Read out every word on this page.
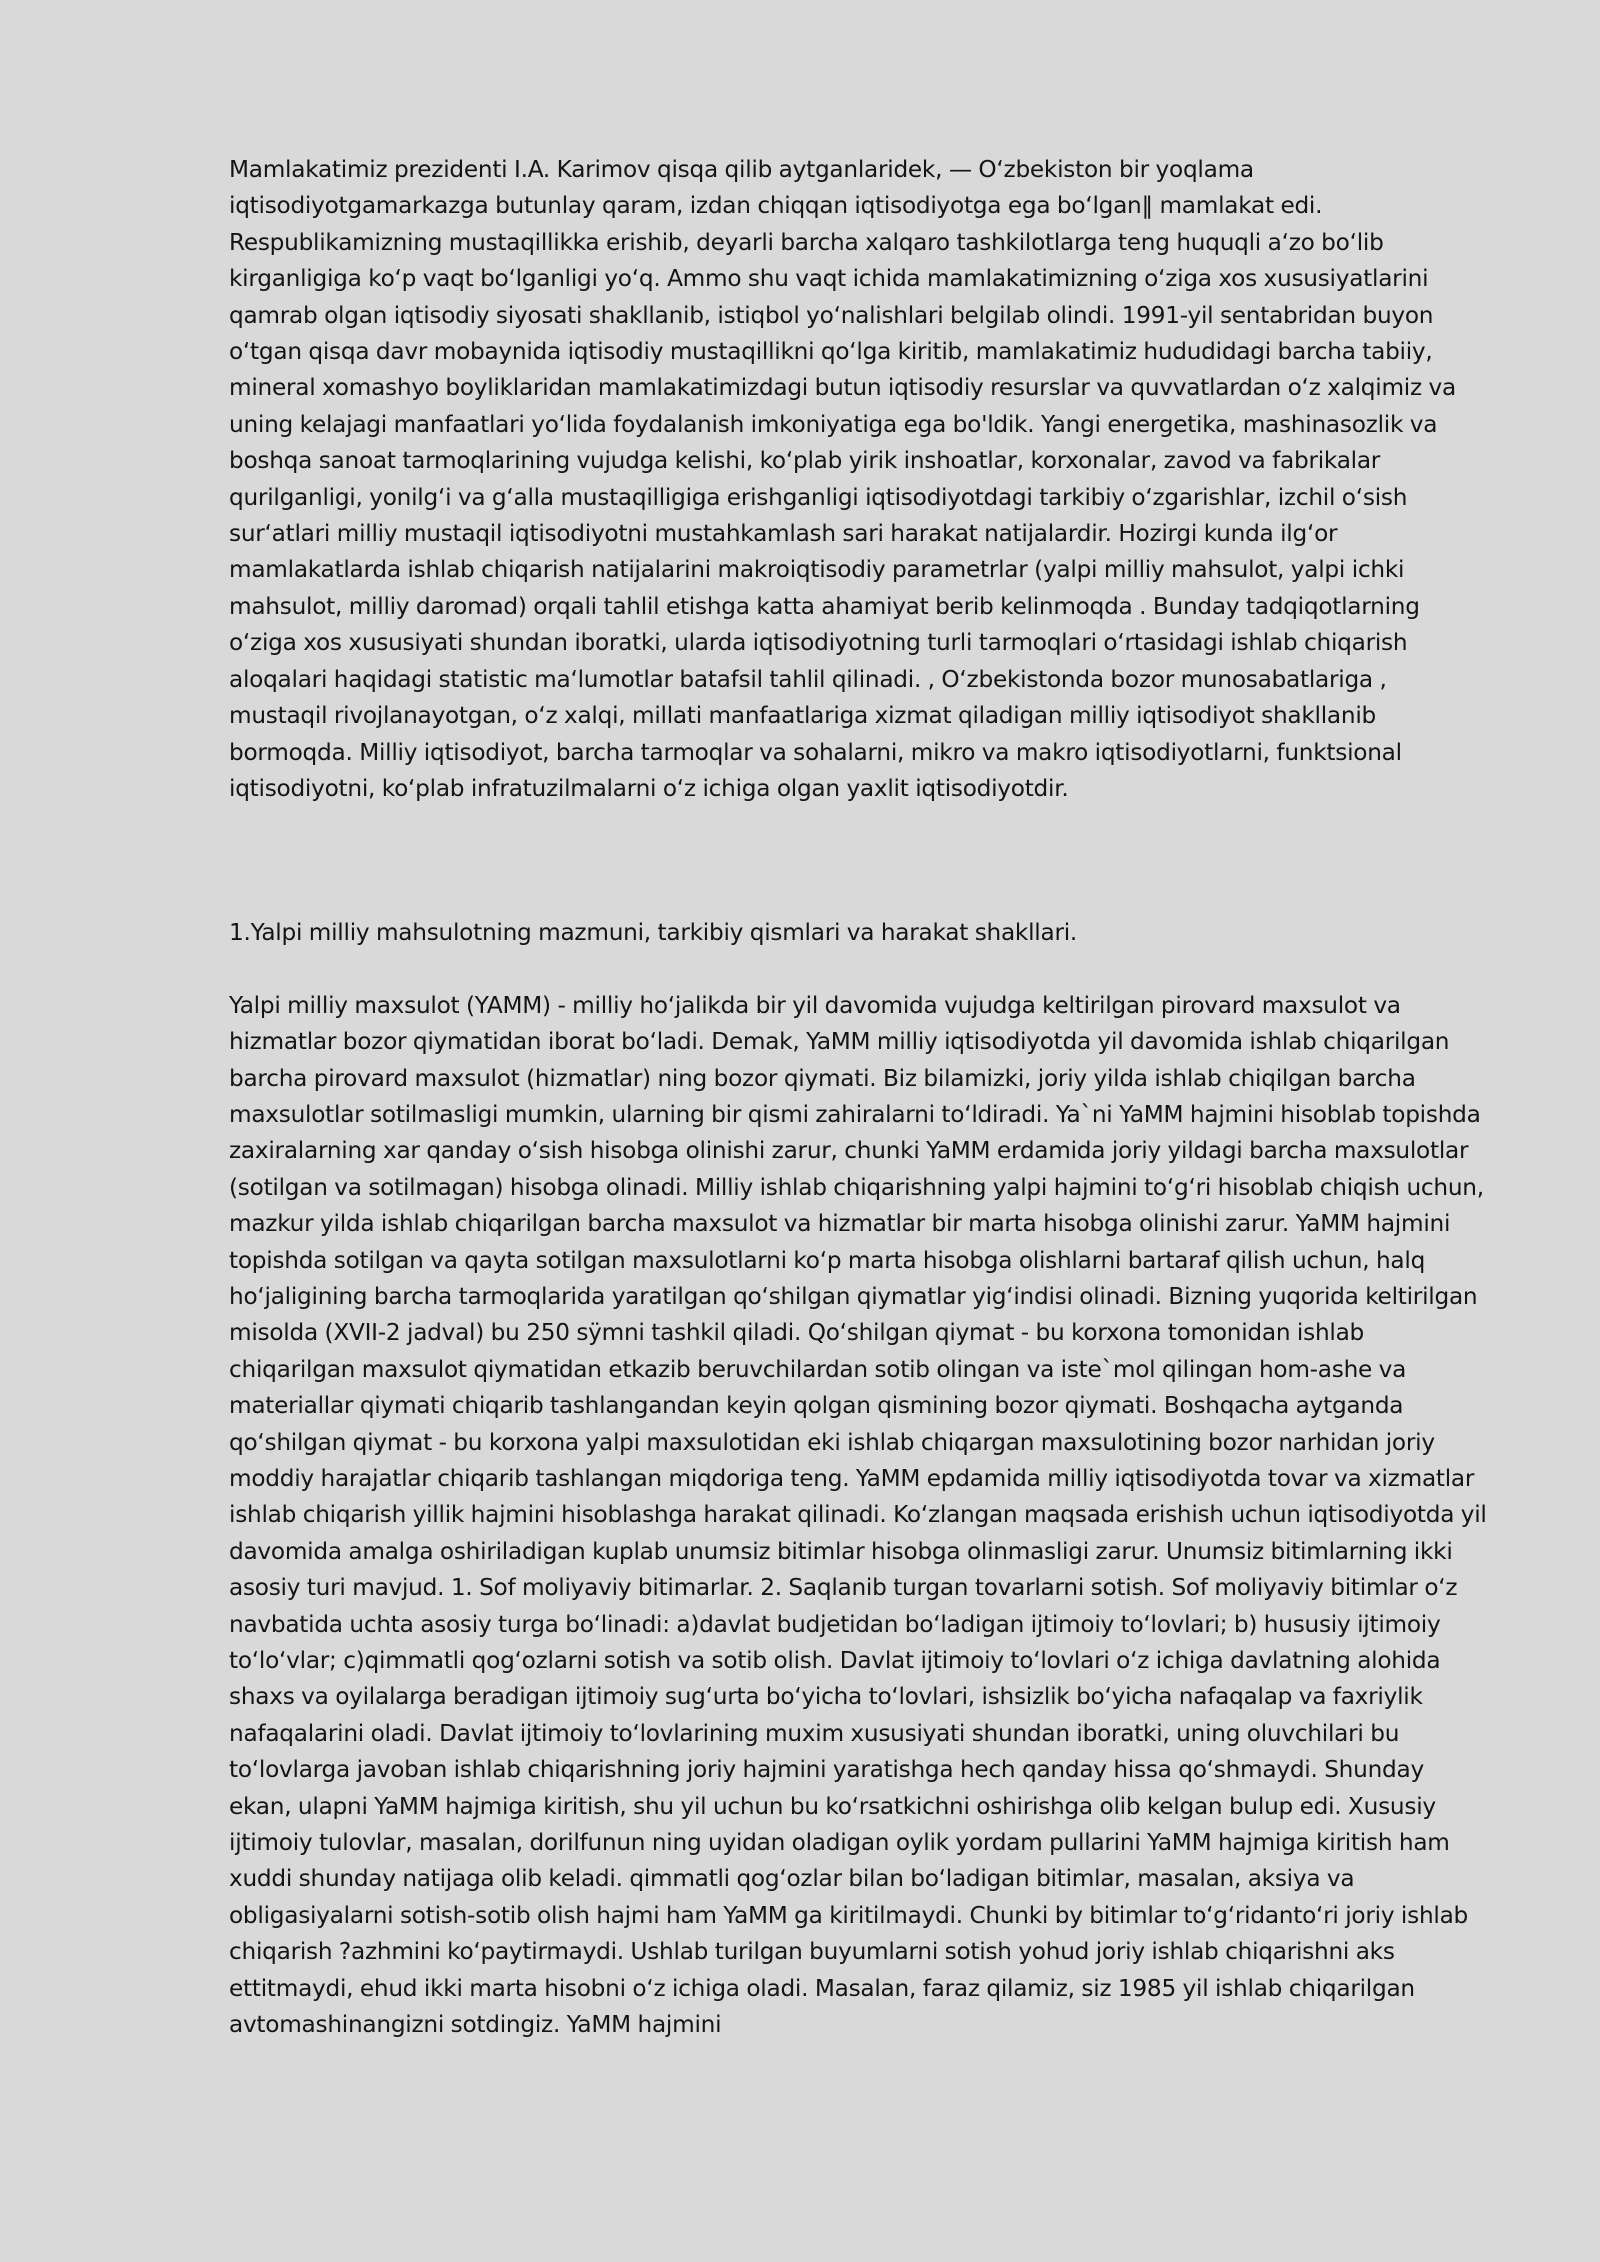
Mamlakatimiz prezidenti I.A. Karimov qisqa qilib aytganlaridek, — O‘zbekiston bir yoqlama iqtisodiyotgamarkazga butunlay qaram, izdan chiqqan iqtisodiyotga ega bo‘lgan‖ mamlakat edi. Respublikamizning mustaqillikka erishib, deyarli barcha xalqaro tashkilotlarga teng huquqli a‘zo bo‘lib kirganligiga ko‘p vaqt bo‘lganligi yo‘q. Ammo shu vaqt ichida mamlakatimizning o‘ziga xos xususiyatlarini qamrab olgan iqtisodiy siyosati shakllanib, istiqbol yo‘nalishlari belgilab olindi. 1991-yil sentabridan buyon o‘tgan qisqa davr mobaynida iqtisodiy mustaqillikni qo‘lga kiritib, mamlakatimiz hududidagi barcha tabiiy, mineral xomashyo boyliklaridan mamlakatimizdagi butun iqtisodiy resurslar va quvvatlardan o‘z xalqimiz va uning kelajagi manfaatlari yo‘lida foydalanish imkoniyatiga ega bo'ldik. Yangi energetika, mashinasozlik va boshqa sanoat tarmoqlarining vujudga kelishi, ko‘plab yirik inshoatlar, korxonalar, zavod va fabrikalar qurilganligi, yonilg‘i va g‘alla mustaqilligiga erishganligi iqtisodiyotdagi tarkibiy o‘zgarishlar, izchil o‘sish sur‘atlari milliy mustaqil iqtisodiyotni mustahkamlash sari harakat natijalardir. Hozirgi kunda ilg‘or mamlakatlarda ishlab chiqarish natijalarini makroiqtisodiy parametrlar (yalpi milliy mahsulot, yalpi ichki mahsulot, milliy daromad) orqali tahlil etishga katta ahamiyat berib kelinmoqda . Bunday tadqiqotlarning o‘ziga xos xususiyati shundan iboratki, ularda iqtisodiyotning turli tarmoqlari o‘rtasidagi ishlab chiqarish aloqalari haqidagi statistic ma‘lumotlar batafsil tahlil qilinadi. , O‘zbekistonda bozor munosabatlariga , mustaqil rivojlanayotgan, o‘z xalqi, millati manfaatlariga xizmat qiladigan milliy iqtisodiyot shakllanib bormoqda. Milliy iqtisodiyot, barcha tarmoqlar va sohalarni, mikro va makro iqtisodiyotlarni, funktsional iqtisodiyotni, ko‘plab infratuzilmalarni o‘z ichiga olgan yaxlit iqtisodiyotdir.

1.Yalpi milliy mahsulotning mazmuni, tarkibiy qismlari va harakat shakllari.

Yalpi milliy maxsulot (YAMM) - milliy ho‘jalikda bir yil davomida vujudga keltirilgan pirovard maxsulot va hizmatlar bozor qiymatidan iborat bo‘ladi. Demak, YaMM milliy iqtisodiyotda yil davomida ishlab chiqarilgan barcha pirovard maxsulot (hizmatlar) ning bozor qiymati. Biz bilamizki, joriy yilda ishlab chiqilgan barcha maxsulotlar sotilmasligi mumkin, ularning bir qismi zahiralarni to‘ldiradi. Ya`ni YaMM hajmini hisoblab topishda zaxiralarning xar qanday o‘sish hisobga olinishi zarur, chunki YaMM erdamida joriy yildagi barcha maxsulotlar (sotilgan va sotilmagan) hisobga olinadi. Milliy ishlab chiqarishning yalpi hajmini to‘g‘ri hisoblab chiqish uchun, mazkur yilda ishlab chiqarilgan barcha maxsulot va hizmatlar bir marta hisobga olinishi zarur. YaMM hajmini topishda sotilgan va qayta sotilgan maxsulotlarni ko‘p marta hisobga olishlarni bartaraf qilish uchun, halq ho‘jaligining barcha tarmoqlarida yaratilgan qo‘shilgan qiymatlar yig‘indisi olinadi. Bizning yuqorida keltirilgan misolda (XVII-2 jadval) bu 250 sÿmni tashkil qiladi. Qo‘shilgan qiymat - bu korxona tomonidan ishlab chiqarilgan maxsulot qiymatidan etkazib beruvchilardan sotib olingan va iste`mol qilingan hom-ashe va materiallar qiymati chiqarib tashlangandan keyin qolgan qismining bozor qiymati. Boshqacha aytganda qo‘shilgan qiymat - bu korxona yalpi maxsulotidan eki ishlab chiqargan maxsulotining bozor narhidan joriy moddiy harajatlar chiqarib tashlangan miqdoriga teng. YaMM epdamida milliy iqtisodiyotda tovar va xizmatlar ishlab chiqarish yillik hajmini hisoblashga harakat qilinadi. Ko‘zlangan maqsada erishish uchun iqtisodiyotda yil davomida amalga oshiriladigan kuplab unumsiz bitimlar hisobga olinmasligi zarur. Unumsiz bitimlarning ikki asosiy turi mavjud. 1. Sof moliyaviy bitimarlar. 2. Saqlanib turgan tovarlarni sotish. Sof moliyaviy bitimlar o‘z navbatida uchta asosiy turga bo‘linadi: a)davlat budjetidan bo‘ladigan ijtimoiy to‘lovlari; b) hususiy ijtimoiy to‘lo‘vlar; c)qimmatli qog‘ozlarni sotish va sotib olish. Davlat ijtimoiy to‘lovlari o‘z ichiga davlatning alohida shaxs va oyilalarga beradigan ijtimoiy sug‘urta bo‘yicha to‘lovlari, ishsizlik bo‘yicha nafaqalap va faxriylik nafaqalarini oladi. Davlat ijtimoiy to‘lovlarining muxim xususiyati shundan iboratki, uning oluvchilari bu to‘lovlarga javoban ishlab chiqarishning joriy hajmini yaratishga hech qanday hissa qo‘shmaydi. Shunday ekan, ulapni YaMM hajmiga kiritish, shu yil uchun bu ko‘rsatkichni oshirishga olib kelgan bulup edi. Xususiy ijtimoiy tulovlar, masalan, dorilfunun ning uyidan oladigan oylik yordam pullarini YaMM hajmiga kiritish ham xuddi shunday natijaga olib keladi. qimmatli qog‘ozlar bilan bo‘ladigan bitimlar, masalan, aksiya va obligasiyalarni sotish-sotib olish hajmi ham YaMM ga kiritilmaydi. Chunki by bitimlar to‘g‘ridanto‘ri joriy ishlab chiqarish ?azhmini ko‘paytirmaydi. Ushlab turilgan buyumlarni sotish yohud joriy ishlab chiqarishni aks ettitmaydi, ehud ikki marta hisobni o‘z ichiga oladi. Masalan, faraz qilamiz, siz 1985 yil ishlab chiqarilgan avtomashinangizni sotdingiz. YaMM hajmini
